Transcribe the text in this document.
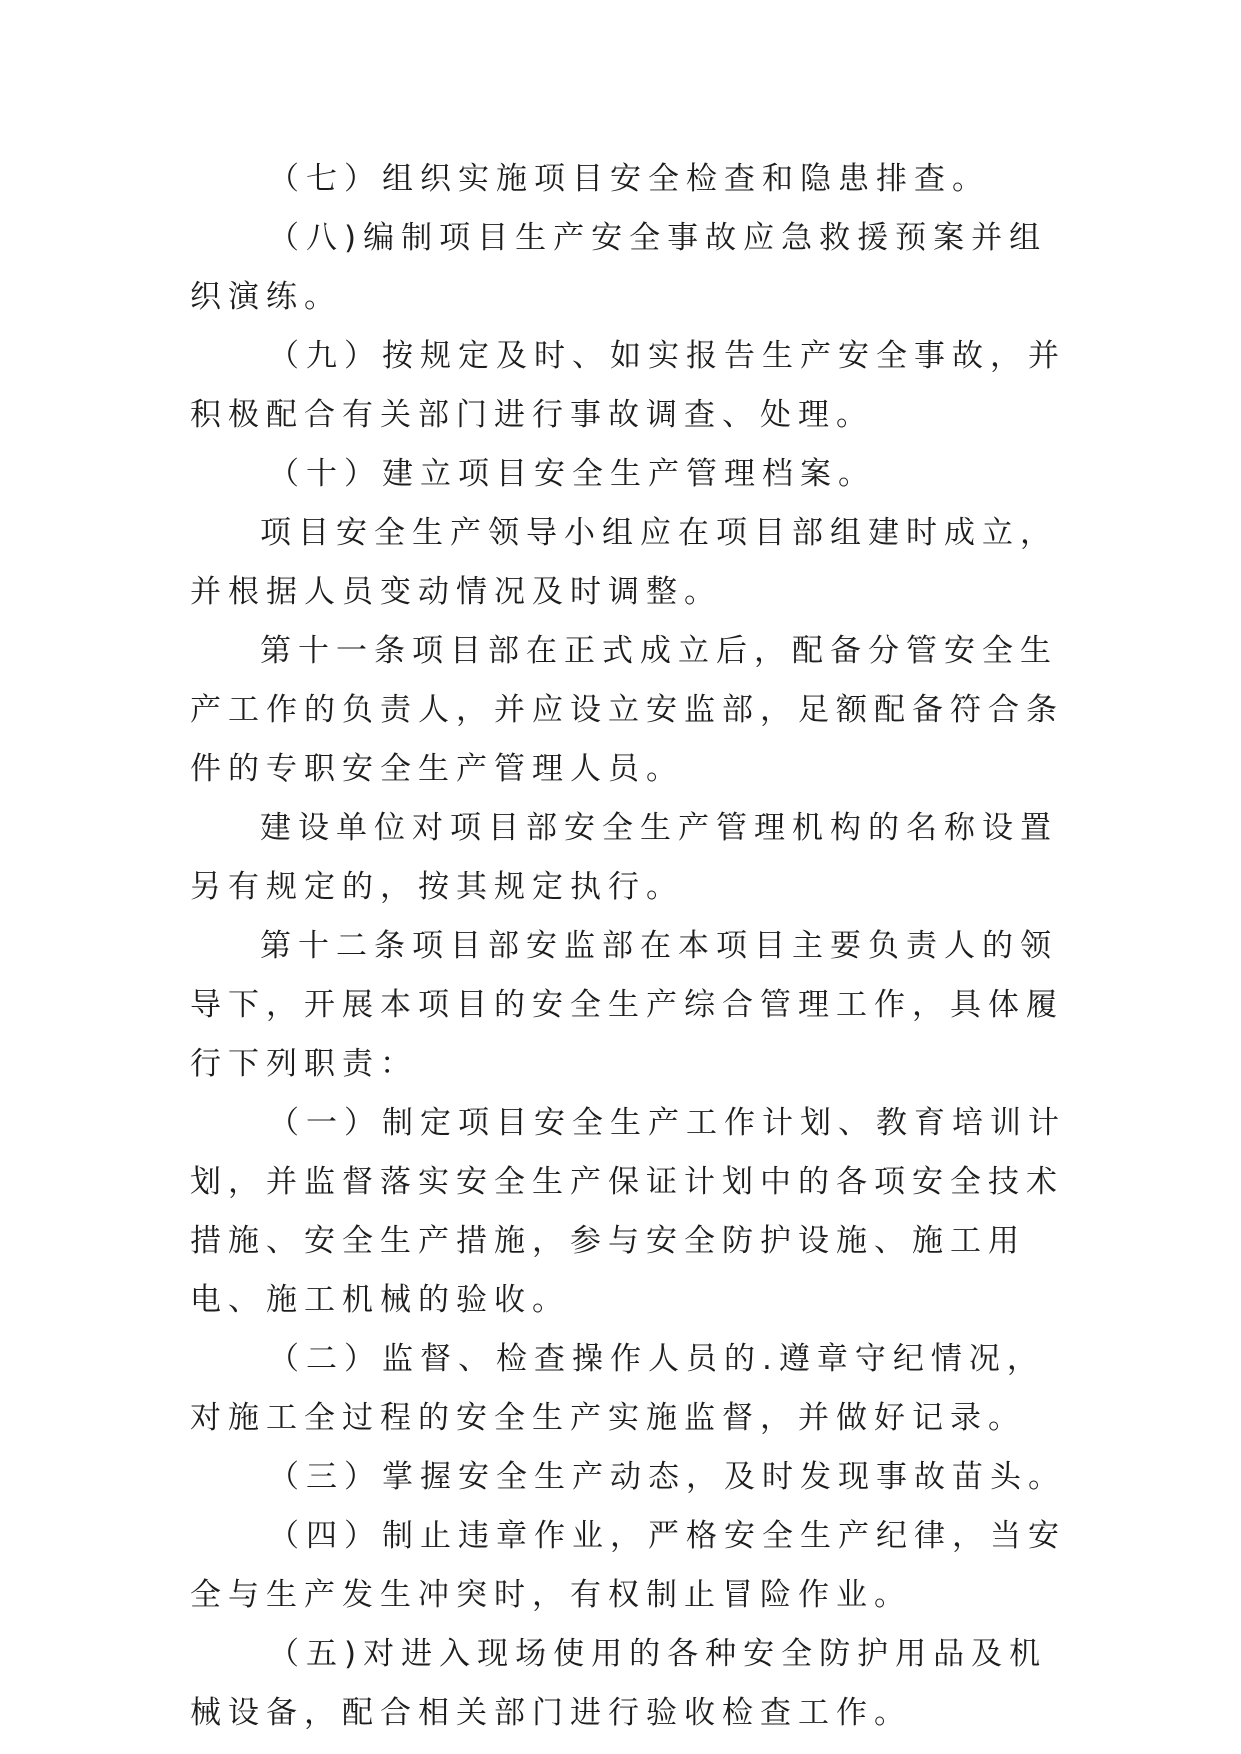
（七）组织实施项目安全检查和隐患排查。

（八)编制项目生产安全事故应急救援预案并组织演练。

（九）按规定及时、如实报告生产安全事故，并积极配合有关部门进行事故调查、处理。

（十）建立项目安全生产管理档案。

项目安全生产领导小组应在项目部组建时成立，并根据人员变动情况及时调整。

第十一条项目部在正式成立后，配备分管安全生产工作的负责人，并应设立安监部，足额配备符合条件的专职安全生产管理人员。

建设单位对项目部安全生产管理机构的名称设置另有规定的，按其规定执行。

第十二条项目部安监部在本项目主要负责人的领导下，开展本项目的安全生产综合管理工作，具体履行下列职责：

（一）制定项目安全生产工作计划、教育培训计划，并监督落实安全生产保证计划中的各项安全技术措施、安全生产措施，参与安全防护设施、施工用电、施工机械的验收。

（二）监督、检查操作人员的.遵章守纪情况，对施工全过程的安全生产实施监督，并做好记录。

（三）掌握安全生产动态，及时发现事故苗头。

（四）制止违章作业，严格安全生产纪律，当安全与生产发生冲突时，有权制止冒险作业。

（五)对进入现场使用的各种安全防护用品及机械设备，配合相关部门进行验收检查工作。
